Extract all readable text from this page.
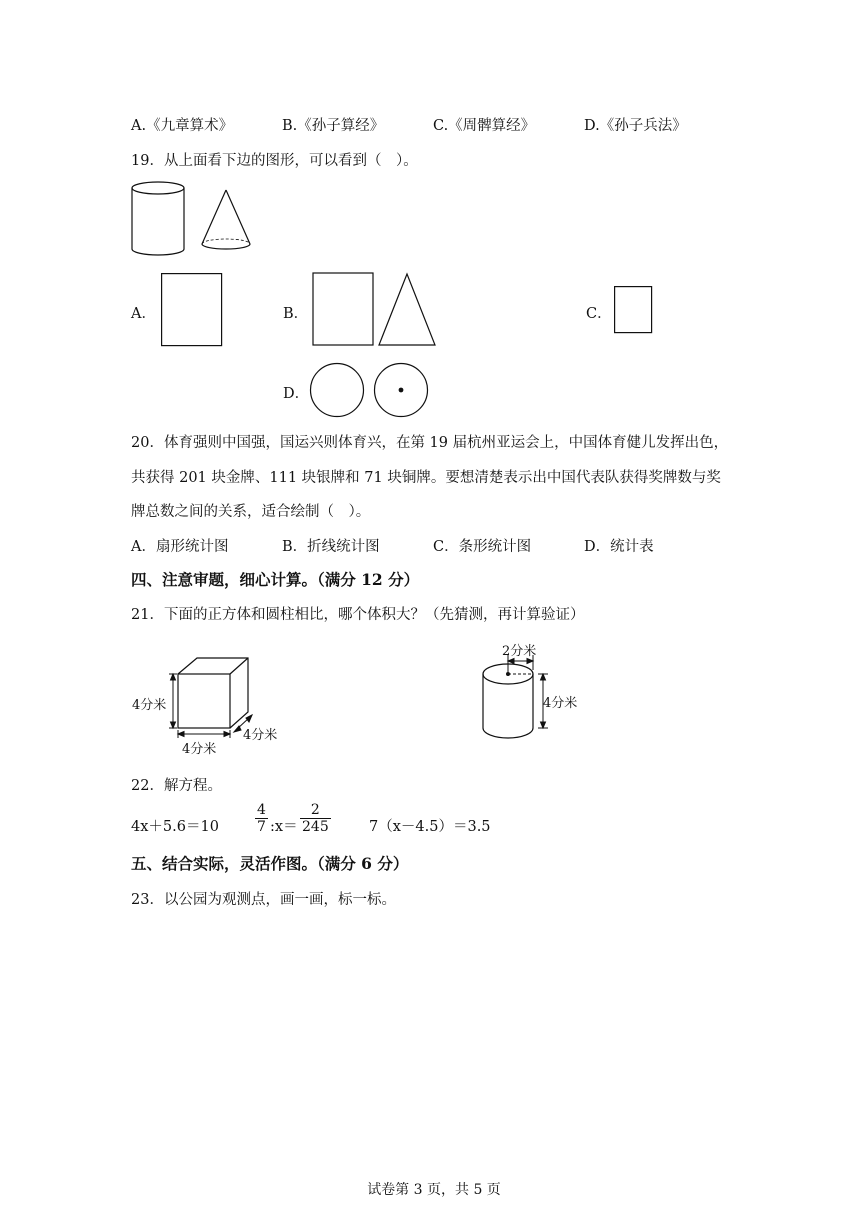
A.《九章算术》	B.《孙子算经》	C.《周髀算经》	D.《孙子兵法》
19．从上面看下边的图形，可以看到（　）。
A．	B．	C．
D．
20．体育强则中国强，国运兴则体育兴，在第 19 届杭州亚运会上，中国体育健儿发挥出色，
共获得 201 块金牌、111 块银牌和 71 块铜牌。要想清楚表示出中国代表队获得奖牌数与奖
牌总数之间的关系，适合绘制（　）。
A．扇形统计图	B．折线统计图	C．条形统计图	D．统计表
四、注意审题，细心计算。（满分 12 分）
21．下面的正方体和圆柱相比，哪个体积大？（先猜测，再计算验证）
4分米
4分米
4分米
2分米
4分米
22．解方程。
4x＋5.6＝10	$\frac{4}{7}$ :x＝ $\frac{2}{245}$	7（x－4.5）＝3.5
五、结合实际，灵活作图。（满分 6 分）
23．以公园为观测点，画一画，标一标。
试卷第 3 页，共 5 页
